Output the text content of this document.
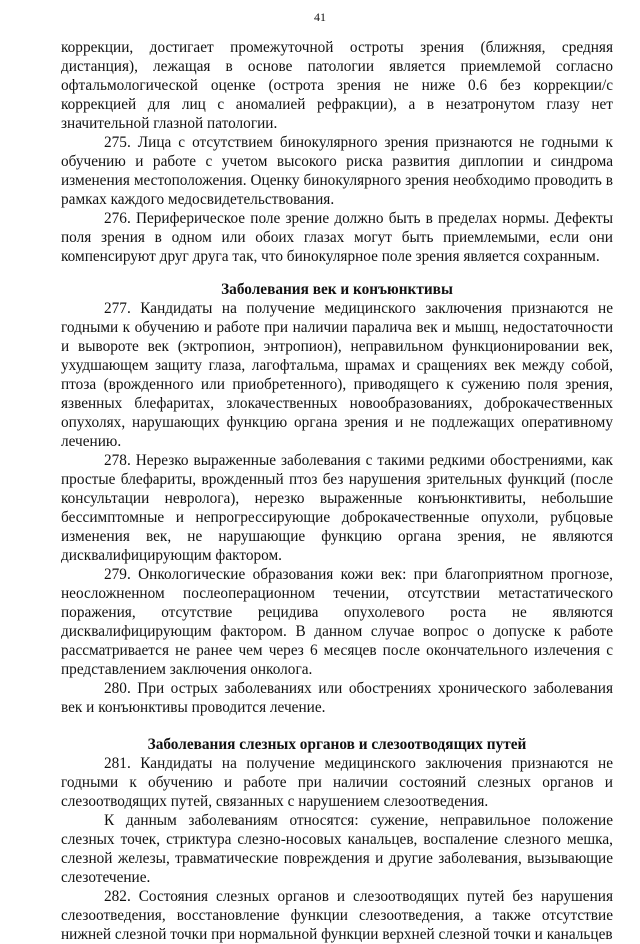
41

коррекции, достигает промежуточной остроты зрения (ближняя, средняя дистанция), лежащая в основе патологии является приемлемой согласно офтальмологической оценке (острота зрения не ниже 0.6 без коррекции/с коррекцией для лиц с аномалией рефракции), а в незатронутом глазу нет значительной глазной патологии.

275. Лица с отсутствием бинокулярного зрения признаются не годными к обучению и работе с учетом высокого риска развития диплопии и синдрома изменения местоположения. Оценку бинокулярного зрения необходимо проводить в рамках каждого медосвидетельствования.

276. Периферическое поле зрение должно быть в пределах нормы. Дефекты поля зрения в одном или обоих глазах могут быть приемлемыми, если они компенсируют друг друга так, что бинокулярное поле зрения является сохранным.

Заболевания век и конъюнктивы

277. Кандидаты на получение медицинского заключения признаются не годными к обучению и работе при наличии паралича век и мышц, недостаточности и вывороте век (эктропион, энтропион), неправильном функционировании век, ухудшающем защиту глаза, лагофтальма, шрамах и сращениях век между собой, птоза (врожденного или приобретенного), приводящего к сужению поля зрения, язвенных блефаритах, злокачественных новообразованиях, доброкачественных опухолях, нарушающих функцию органа зрения и не подлежащих оперативному лечению.

278. Нерезко выраженные заболевания с такими редкими обострениями, как простые блефариты, врожденный птоз без нарушения зрительных функций (после консультации невролога), нерезко выраженные конъюнктивиты, небольшие бессимптомные и непрогрессирующие доброкачественные опухоли, рубцовые изменения век, не нарушающие функцию органа зрения, не являются дисквалифицирующим фактором.

279. Онкологические образования кожи век: при благоприятном прогнозе, неосложненном послеоперационном течении, отсутствии метастатического поражения, отсутствие рецидива опухолевого роста не являются дисквалифицирующим фактором. В данном случае вопрос о допуске к работе рассматривается не ранее чем через 6 месяцев после окончательного излечения с представлением заключения онколога.

280. При острых заболеваниях или обострениях хронического заболевания век и конъюнктивы проводится лечение.

Заболевания слезных органов и слезоотводящих путей

281. Кандидаты на получение медицинского заключения признаются не годными к обучению и работе при наличии состояний слезных органов и слезоотводящих путей, связанных с нарушением слезоотведения.

К данным заболеваниям относятся: сужение, неправильное положение слезных точек, стриктура слезно-носовых канальцев, воспаление слезного мешка, слезной железы, травматические повреждения и другие заболевания, вызывающие слезотечение.

282. Состояния слезных органов и слезоотводящих путей без нарушения слезоотведения, восстановление функции слезоотведения, а также отсутствие нижней слезной точки при нормальной функции верхней слезной точки и канальцев
